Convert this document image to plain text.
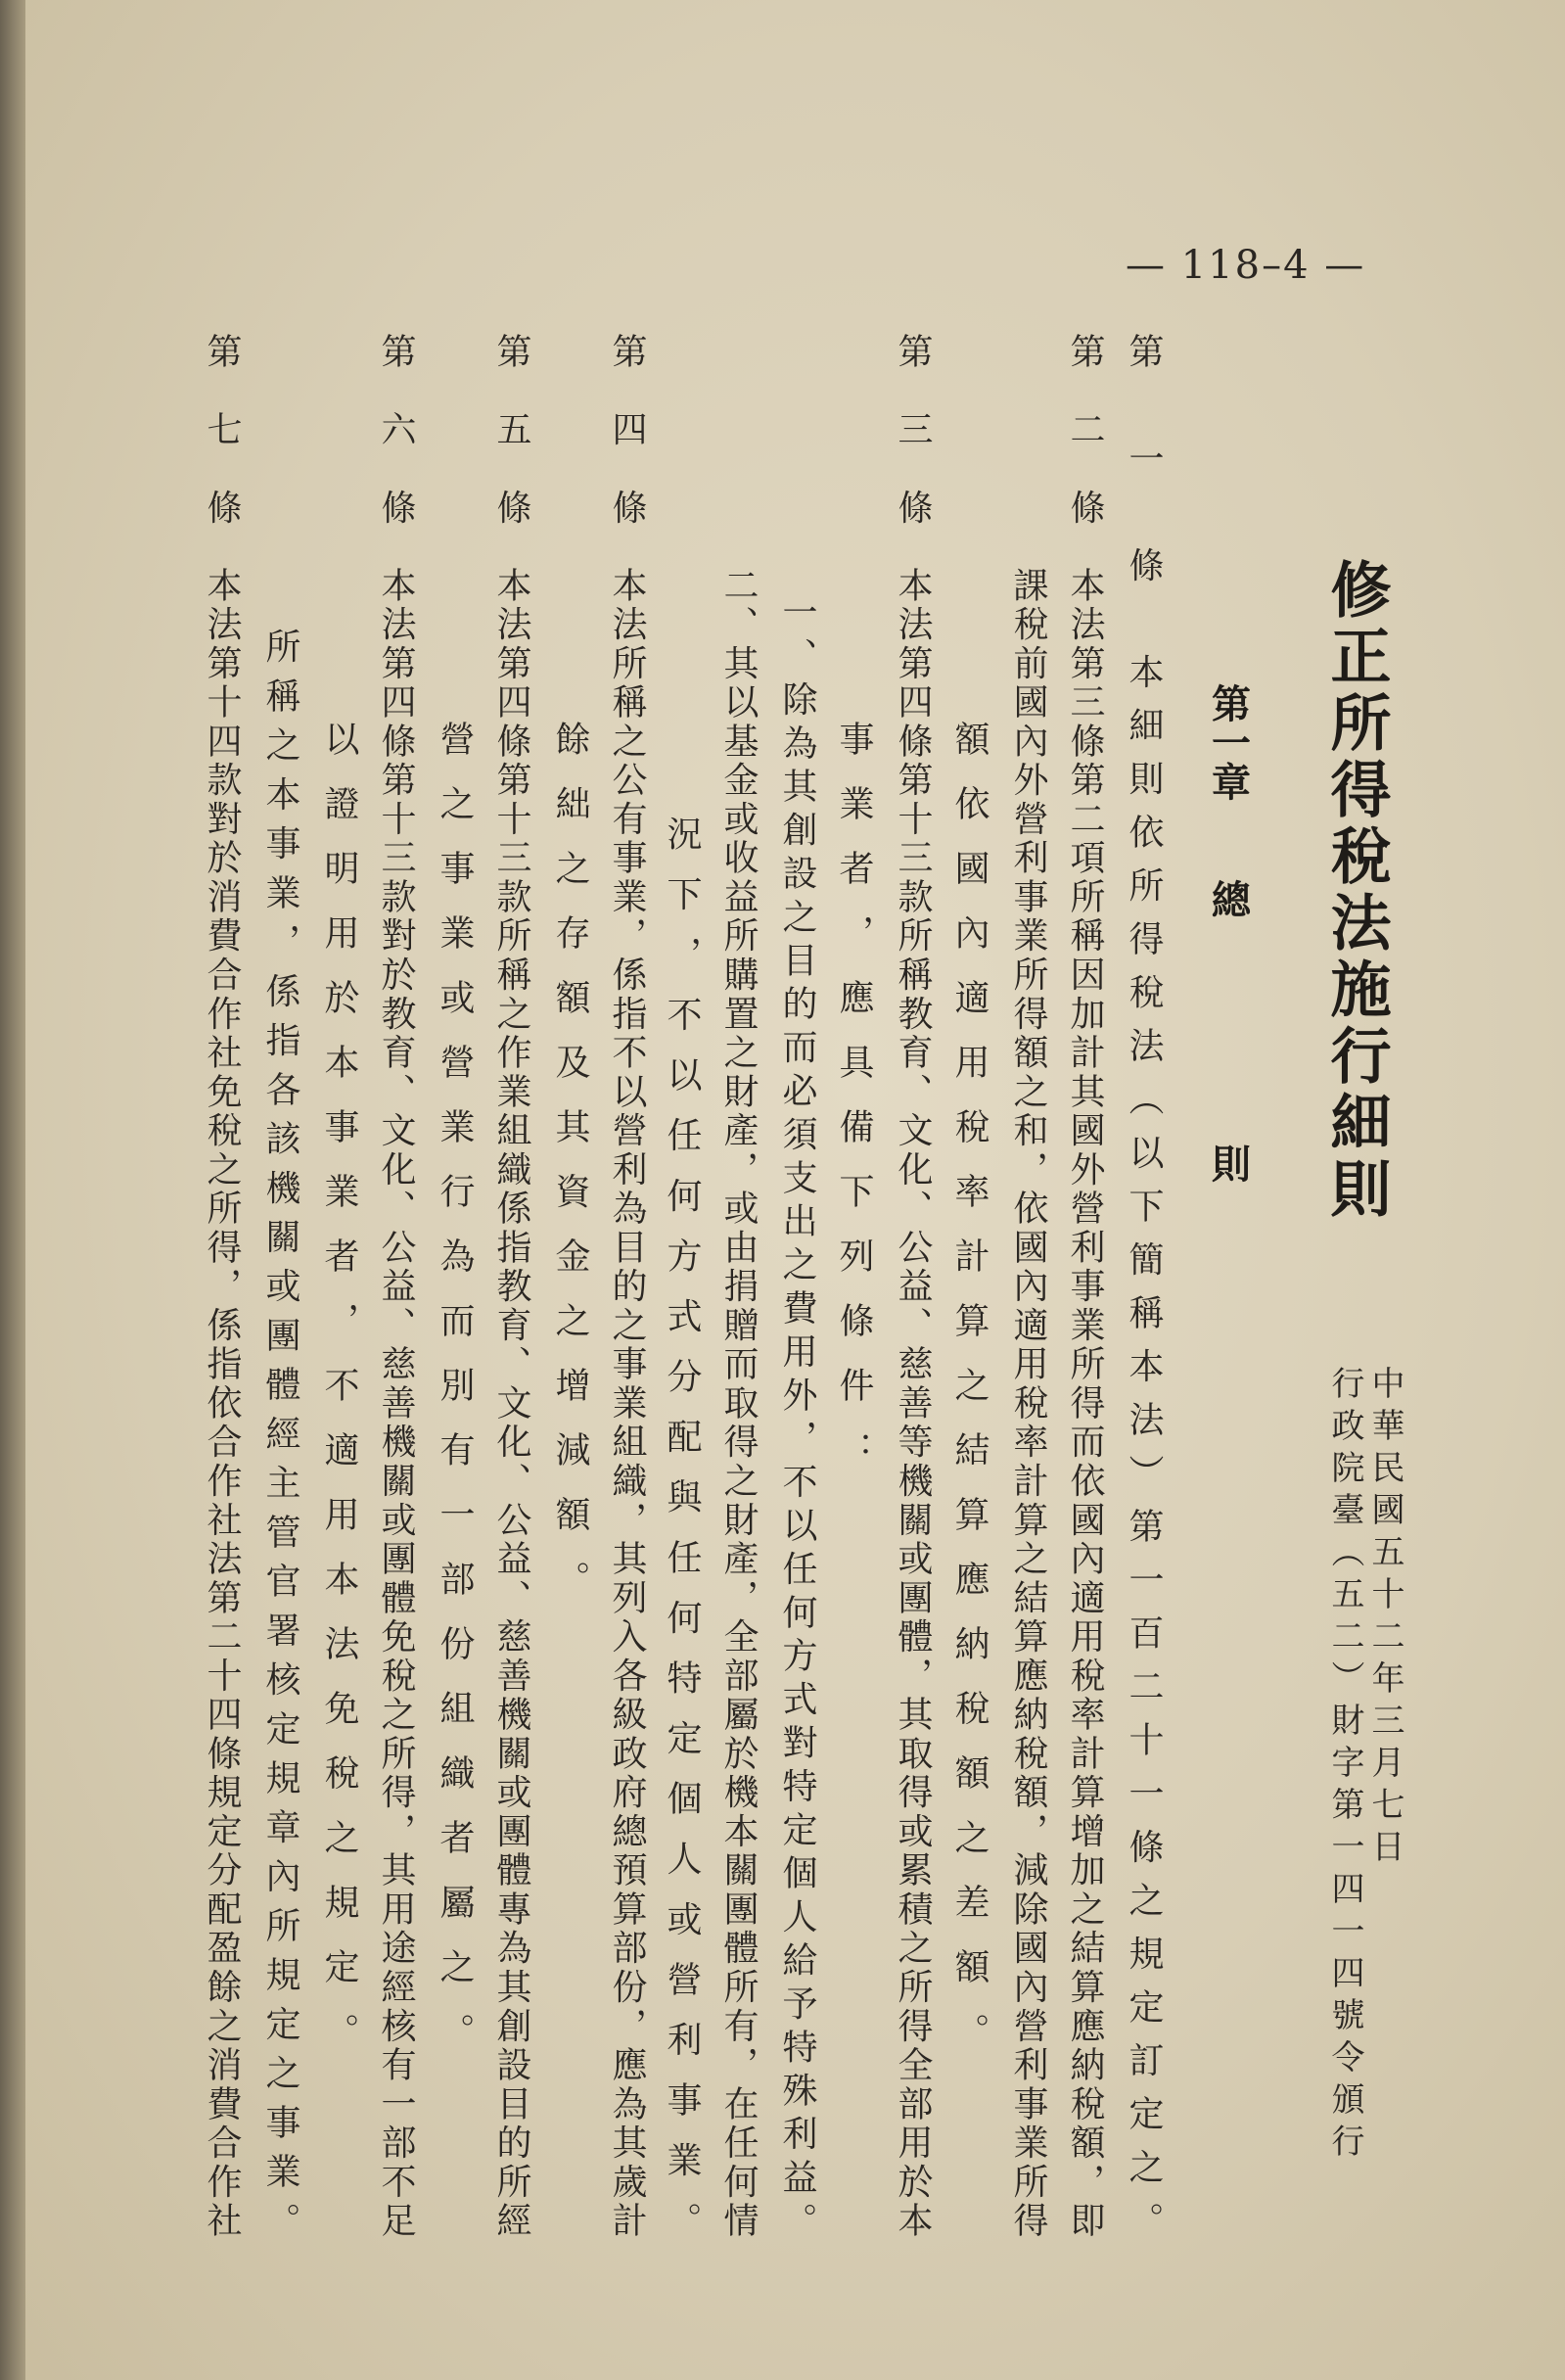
— 118–4 —
修正所得稅法施行細則
中華民國五十二年三月七日
行政院臺（五二）財字第一四一四號令頒行
第一章
總
則
第　一　條　本細則依所得稅法（以下簡稱本法）第一百二十一條之規定訂定之。
第　二　條　本法第三條第二項所稱因加計其國外營利事業所得而依國內適用稅率計算增加之結算應納稅額，即
　　　　　　課稅前國內外營利事業所得額之和，依國內適用稅率計算之結算應納稅額，減除國內營利事業所得
　　　　　　額依國內適用稅率計算之結算應納稅額之差額。
第　三　條　本法第四條第十三款所稱教育、文化、公益、慈善等機關或團體，其取得或累積之所得全部用於本
　　　　　　事業者，應具備下列條件：
　　　　　　一、除為其創設之目的而必須支出之費用外，不以任何方式對特定個人給予特殊利益。
　　　　　　二、其以基金或收益所購置之財產，或由捐贈而取得之財產，全部屬於機本關團體所有，在任何情
　　　　　　　　況下，不以任何方式分配與任何特定個人或營利事業。
第　四　條　本法所稱之公有事業，係指不以營利為目的之事業組織，其列入各級政府總預算部份，應為其歲計
　　　　　　餘絀之存額及其資金之增減額。
第　五　條　本法第四條第十三款所稱之作業組織係指教育、文化、公益、慈善機關或團體專為其創設目的所經
　　　　　　營之事業或營業行為而別有一部份組織者屬之。
第　六　條　本法第四條第十三款對於教育、文化、公益、慈善機關或團體免稅之所得，其用途經核有一部不足
　　　　　　以證明用於本事業者，不適用本法免稅之規定。
　　　　　　所稱之本事業，係指各該機關或團體經主管官署核定規章內所規定之事業。
第　七　條　本法第十四款對於消費合作社免稅之所得，係指依合作社法第二十四條規定分配盈餘之消費合作社
